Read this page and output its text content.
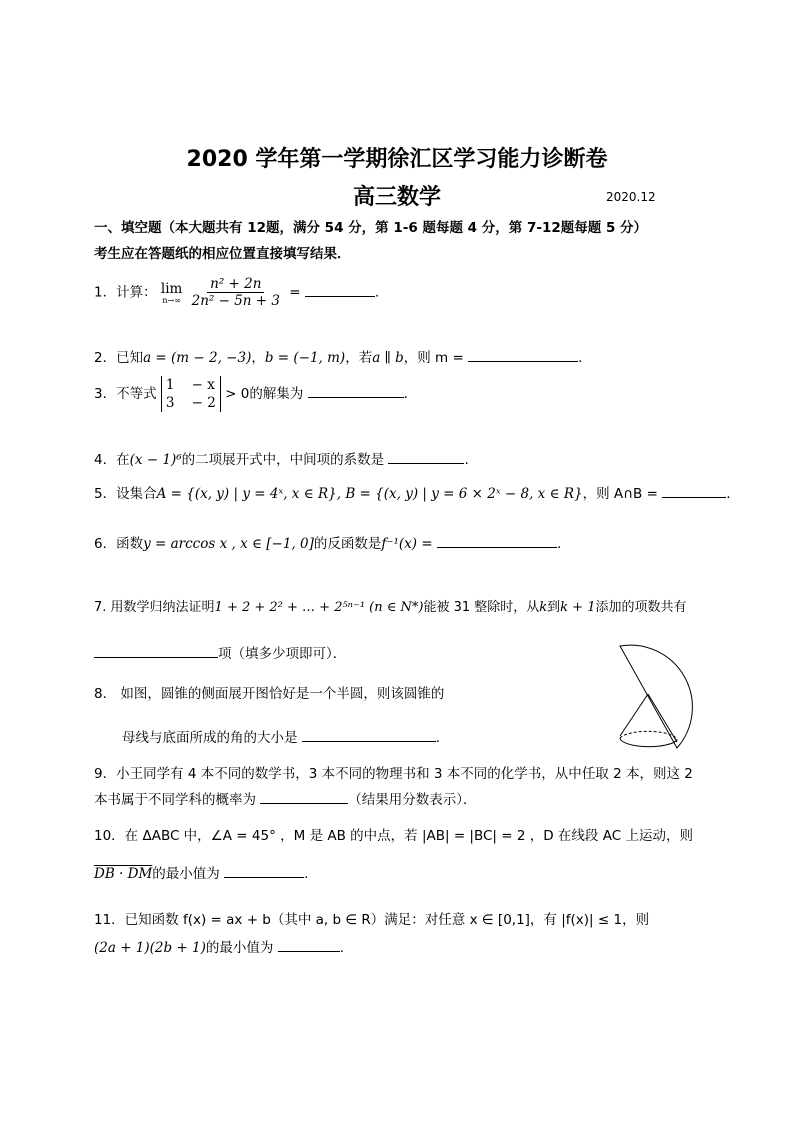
2020 学年第一学期徐汇区学习能力诊断卷
高三数学	2020.12
一、填空题（本大题共有 12题，满分 54 分，第 1-6 题每题 4 分，第 7-12题每题 5 分）
考生应在答题纸的相应位置直接填写结果．
1．计算： lim
n→∞
$\frac{\text{n² + 2n}}{\text{2n² − 5n + 3}}$ =	.
2．已知a = (m − 2, −3)，b = (−1, m)，若a ∥ b，则 m =	.
3．不等式
1    − x
3    − 2
> 0的解集为	.
4．在(x − 1)⁶的二项展开式中，中间项的系数是	.
5．设集合A = {(x, y) | y = 4ˣ, x ∈ R}, B = {(x, y) | y = 6 × 2ˣ − 8, x ∈ R}，则 A∩B =	.
6．函数y = arccos x , x ∈ [−1, 0]的反函数是f⁻¹(x) =	.
7. 用数学归纳法证明1 + 2 + 2² + … + 2⁵ⁿ⁻¹ (n ∈ N*)能被 31 整除时，从k到k + 1添加的项数共有
项（填多少项即可）．
8． 如图，圆锥的侧面展开图恰好是一个半圆，则该圆锥的
母线与底面所成的角的大小是	.
9．小王同学有 4 本不同的数学书，3 本不同的物理书和 3 本不同的化学书，从中任取 2 本，则这 2
本书属于不同学科的概率为	（结果用分数表示）．
10．在 ΔABC 中，∠A = 45° ，M 是 AB 的中点，若 |AB| = |BC| = 2 ，D 在线段 AC 上运动，则
DB · DM的最小值为	.
11．已知函数 f(x) = ax + b（其中 a, b ∈ R）满足：对任意 x ∈ [0,1]，有 |f(x)| ≤ 1，则
(2a + 1)(2b + 1)的最小值为	.
